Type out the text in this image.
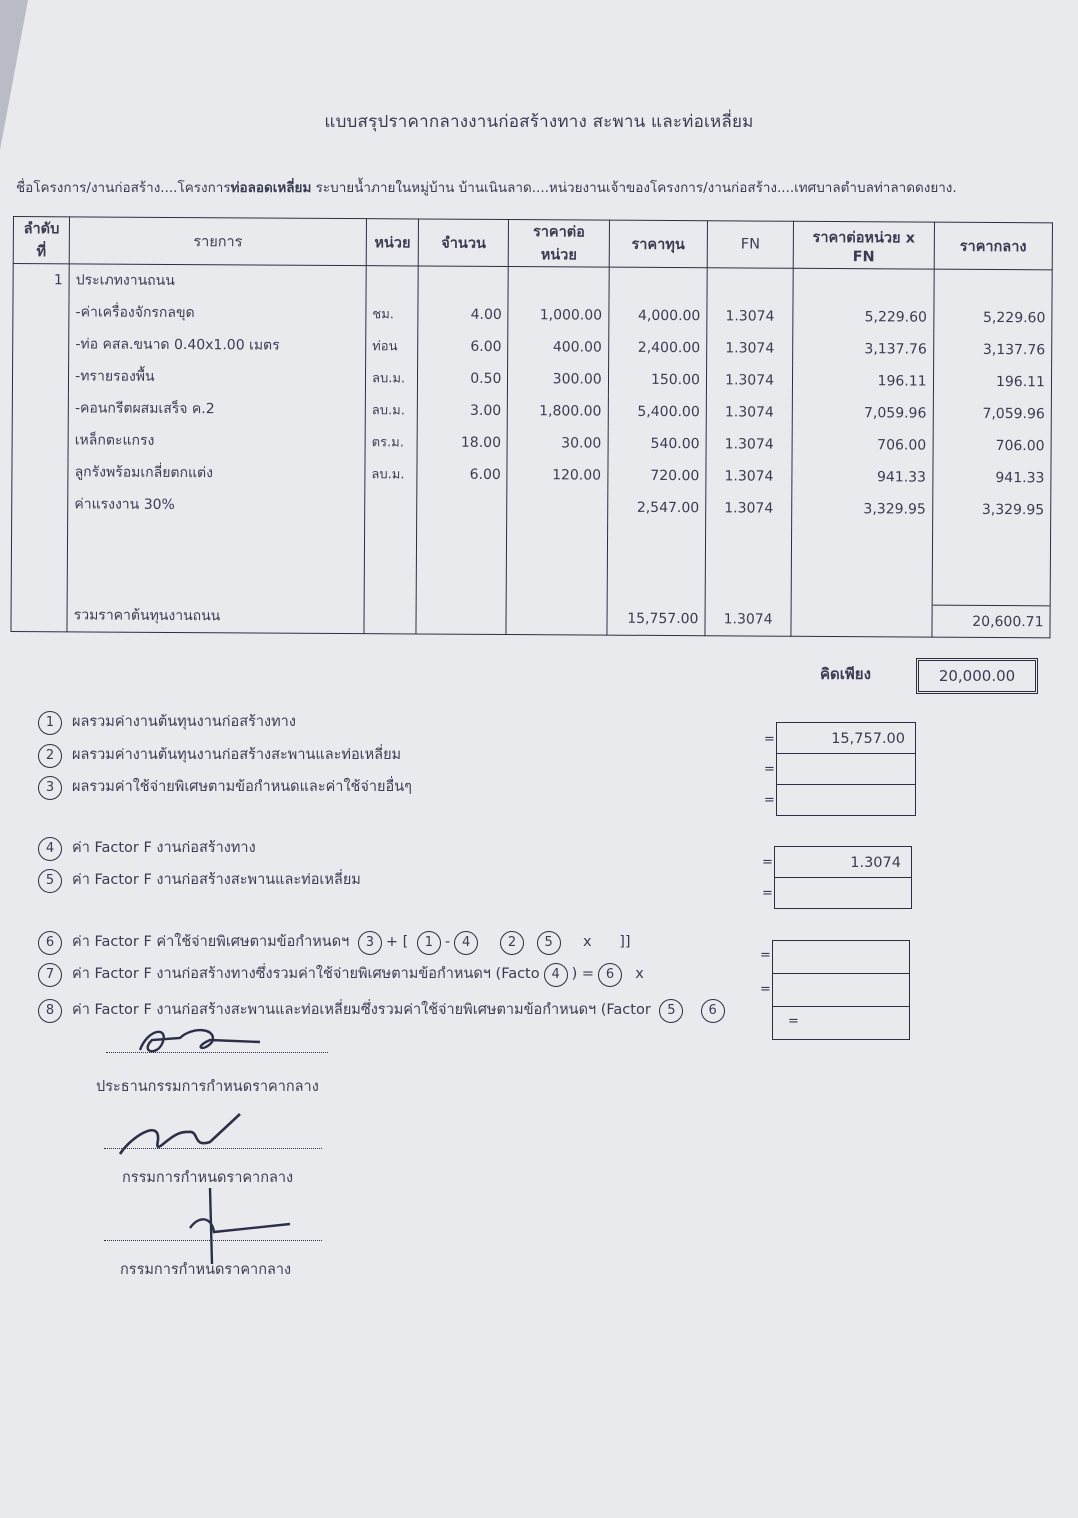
แบบสรุปราคากลางงานก่อสร้างทาง สะพาน และท่อเหลี่ยม
ชื่อโครงการ/งานก่อสร้าง....โครงการท่อลอดเหลี่ยม ระบายน้ำภายในหมู่บ้าน บ้านเนินลาด....หน่วยงานเจ้าของโครงการ/งานก่อสร้าง....เทศบาลตำบลท่าลาดดงยาง.
ลำดับที่	รายการ	หน่วย	จำนวน	ราคาต่อหน่วย	ราคาทุน	FN	ราคาต่อหน่วย x FN	ราคากลาง
1	ประเภทงานถนน							
	-ค่าเครื่องจักรกลขุด	ชม.	4.00	1,000.00	4,000.00	1.3074	5,229.60	5,229.60
	-ท่อ คสล.ขนาด 0.40x1.00 เมตร	ท่อน	6.00	400.00	2,400.00	1.3074	3,137.76	3,137.76
	-ทรายรองพื้น	ลบ.ม.	0.50	300.00	150.00	1.3074	196.11	196.11
	-คอนกรีตผสมเสร็จ ค.2	ลบ.ม.	3.00	1,800.00	5,400.00	1.3074	7,059.96	7,059.96
	เหล็กตะแกรง	ตร.ม.	18.00	30.00	540.00	1.3074	706.00	706.00
	ลูกรังพร้อมเกลี่ยตกแต่ง	ลบ.ม.	6.00	120.00	720.00	1.3074	941.33	941.33
	ค่าแรงงาน 30%				2,547.00	1.3074	3,329.95	3,329.95

	รวมราคาต้นทุนงานถนน				15,757.00	1.3074		20,600.71
คิดเพียง	20,000.00
1 ผลรวมค่างานต้นทุนงานก่อสร้างทาง
2 ผลรวมค่างานต้นทุนงานก่อสร้างสะพานและท่อเหลี่ยม
3 ผลรวมค่าใช้จ่ายพิเศษตามข้อกำหนดและค่าใช้จ่ายอื่นๆ
=
=
=
15,757.00
4 ค่า Factor F งานก่อสร้างทาง
5 ค่า Factor F งานก่อสร้างสะพานและท่อเหลี่ยม
=
=
1.3074
6 ค่า Factor F ค่าใช้จ่ายพิเศษตามข้อกำหนดฯ 3 + [ 1 - 4	2 5 x ]]
7 ค่า Factor F งานก่อสร้างทางซึ่งรวมค่าใช้จ่ายพิเศษตามข้อกำหนดฯ (Facto 4 ) = 6 x
8 ค่า Factor F งานก่อสร้างสะพานและท่อเหลี่ยมซึ่งรวมค่าใช้จ่ายพิเศษตามข้อกำหนดฯ (Factor 5	6
=
=
=
ประธานกรรมการกำหนดราคากลาง
กรรมการกำหนดราคากลาง
กรรมการกำหนดราคากลาง
